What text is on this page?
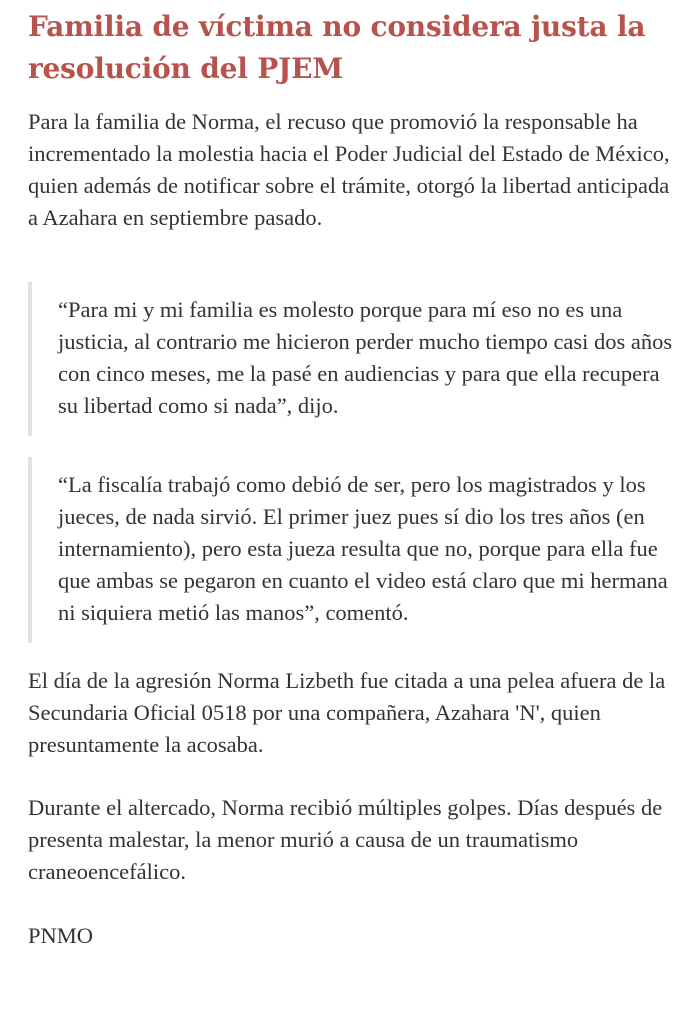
Familia de víctima no considera justa la resolución del PJEM

Para la familia de Norma, el recuso que promovió la responsable ha incrementado la molestia hacia el Poder Judicial del Estado de México, quien además de notificar sobre el trámite, otorgó la libertad anticipada a Azahara en septiembre pasado.

“Para mi y mi familia es molesto porque para mí eso no es una justicia, al contrario me hicieron perder mucho tiempo casi dos años con cinco meses, me la pasé en audiencias y para que ella recupera su libertad como si nada”, dijo.

“La fiscalía trabajó como debió de ser, pero los magistrados y los jueces, de nada sirvió. El primer juez pues sí dio los tres años (en internamiento), pero esta jueza resulta que no, porque para ella fue que ambas se pegaron en cuanto el video está claro que mi hermana ni siquiera metió las manos”, comentó.

El día de la agresión Norma Lizbeth fue citada a una pelea afuera de la Secundaria Oficial 0518 por una compañera, Azahara 'N', quien presuntamente la acosaba.

Durante el altercado, Norma recibió múltiples golpes. Días después de presenta malestar, la menor murió a causa de un traumatismo craneoencefálico.

PNMO
